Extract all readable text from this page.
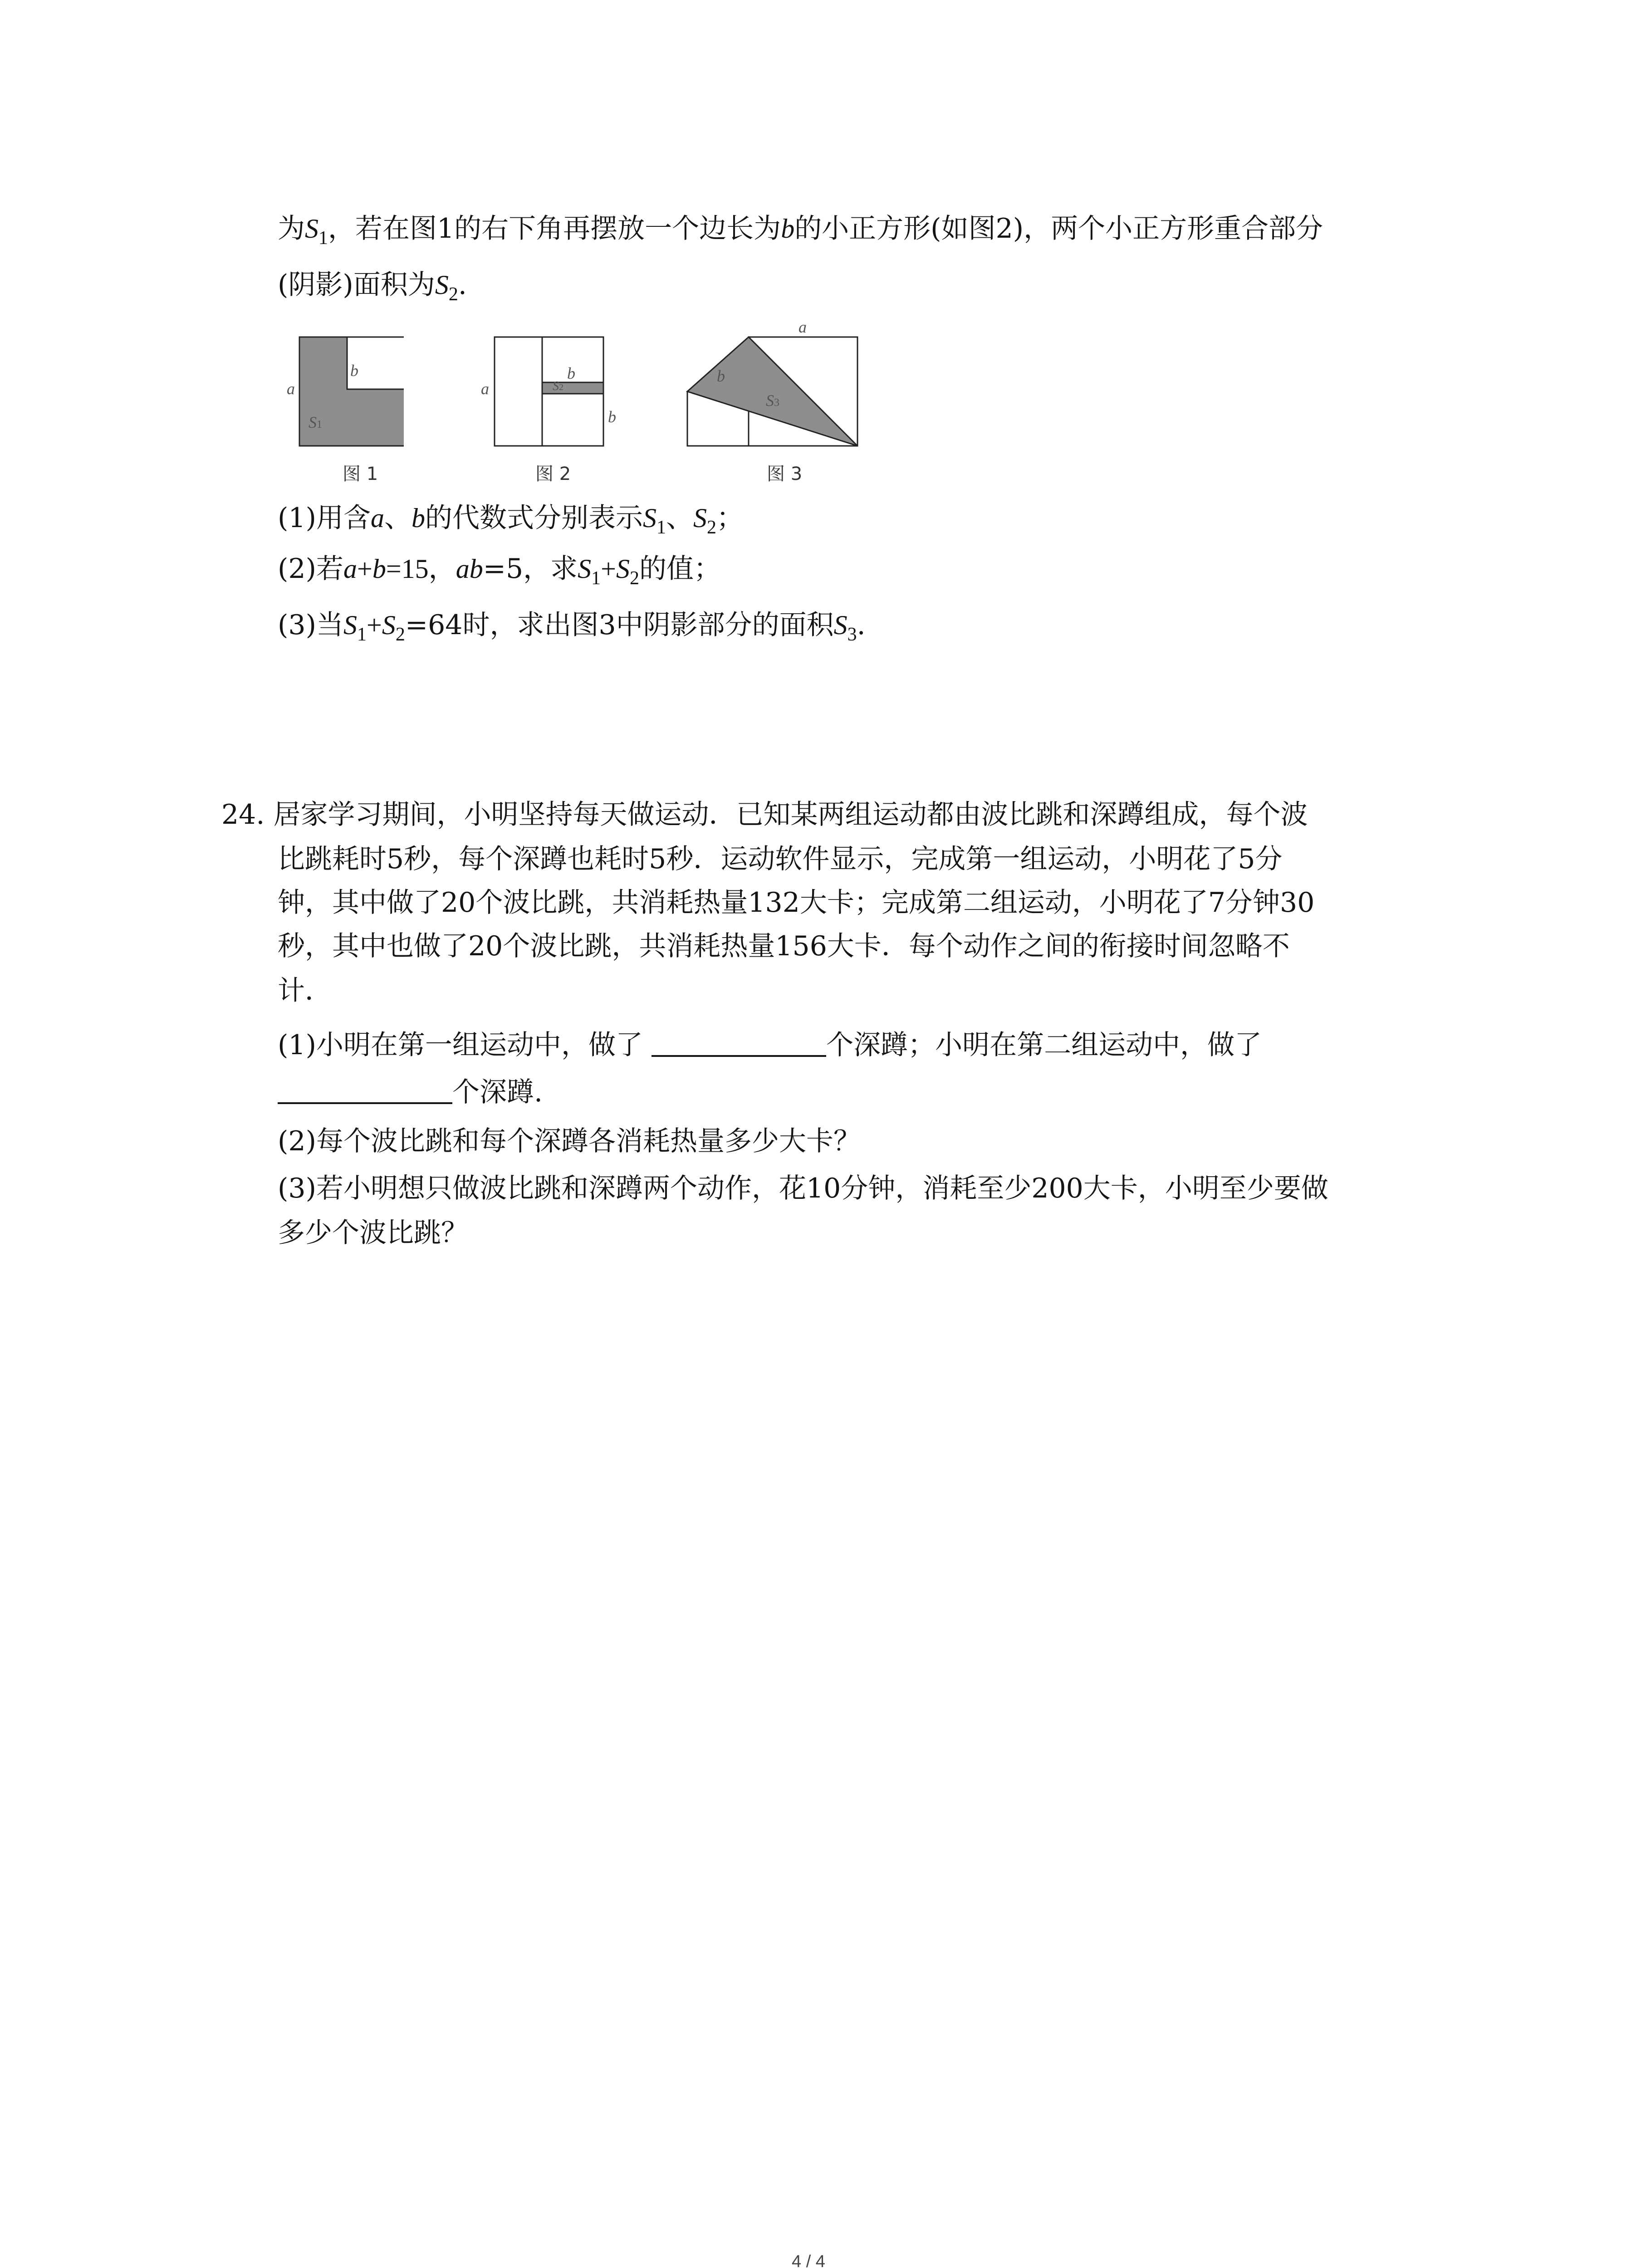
为$S_1$，若在图1的右下角再摆放一个边长为b的小正方形(如图2)，两个小正方形重合部分
(阴影)面积为$S_2$.
a
b
S1
图 1
a
b
b
S2
图 2
a
b
S3
图 3
(1)用含a、b的代数式分别表示$S_1$、$S_2$；
(2)若a+b=15，ab=5，求$S_1+S_2$的值；
(3)当$S_1+S_2=64$时，求出图3中阴影部分的面积$S_3$.
24. 居家学习期间，小明坚持每天做运动．已知某两组运动都由波比跳和深蹲组成，每个波
比跳耗时5秒，每个深蹲也耗时5秒．运动软件显示，完成第一组运动，小明花了5分
钟，其中做了20个波比跳，共消耗热量132大卡；完成第二组运动，小明花了7分钟30
秒，其中也做了20个波比跳，共消耗热量156大卡．每个动作之间的衔接时间忽略不
计．
(1)小明在第一组运动中，做了	个深蹲；小明在第二组运动中，做了
个深蹲.
(2)每个波比跳和每个深蹲各消耗热量多少大卡？
(3)若小明想只做波比跳和深蹲两个动作，花10分钟，消耗至少200大卡，小明至少要做
多少个波比跳？
4 / 4
